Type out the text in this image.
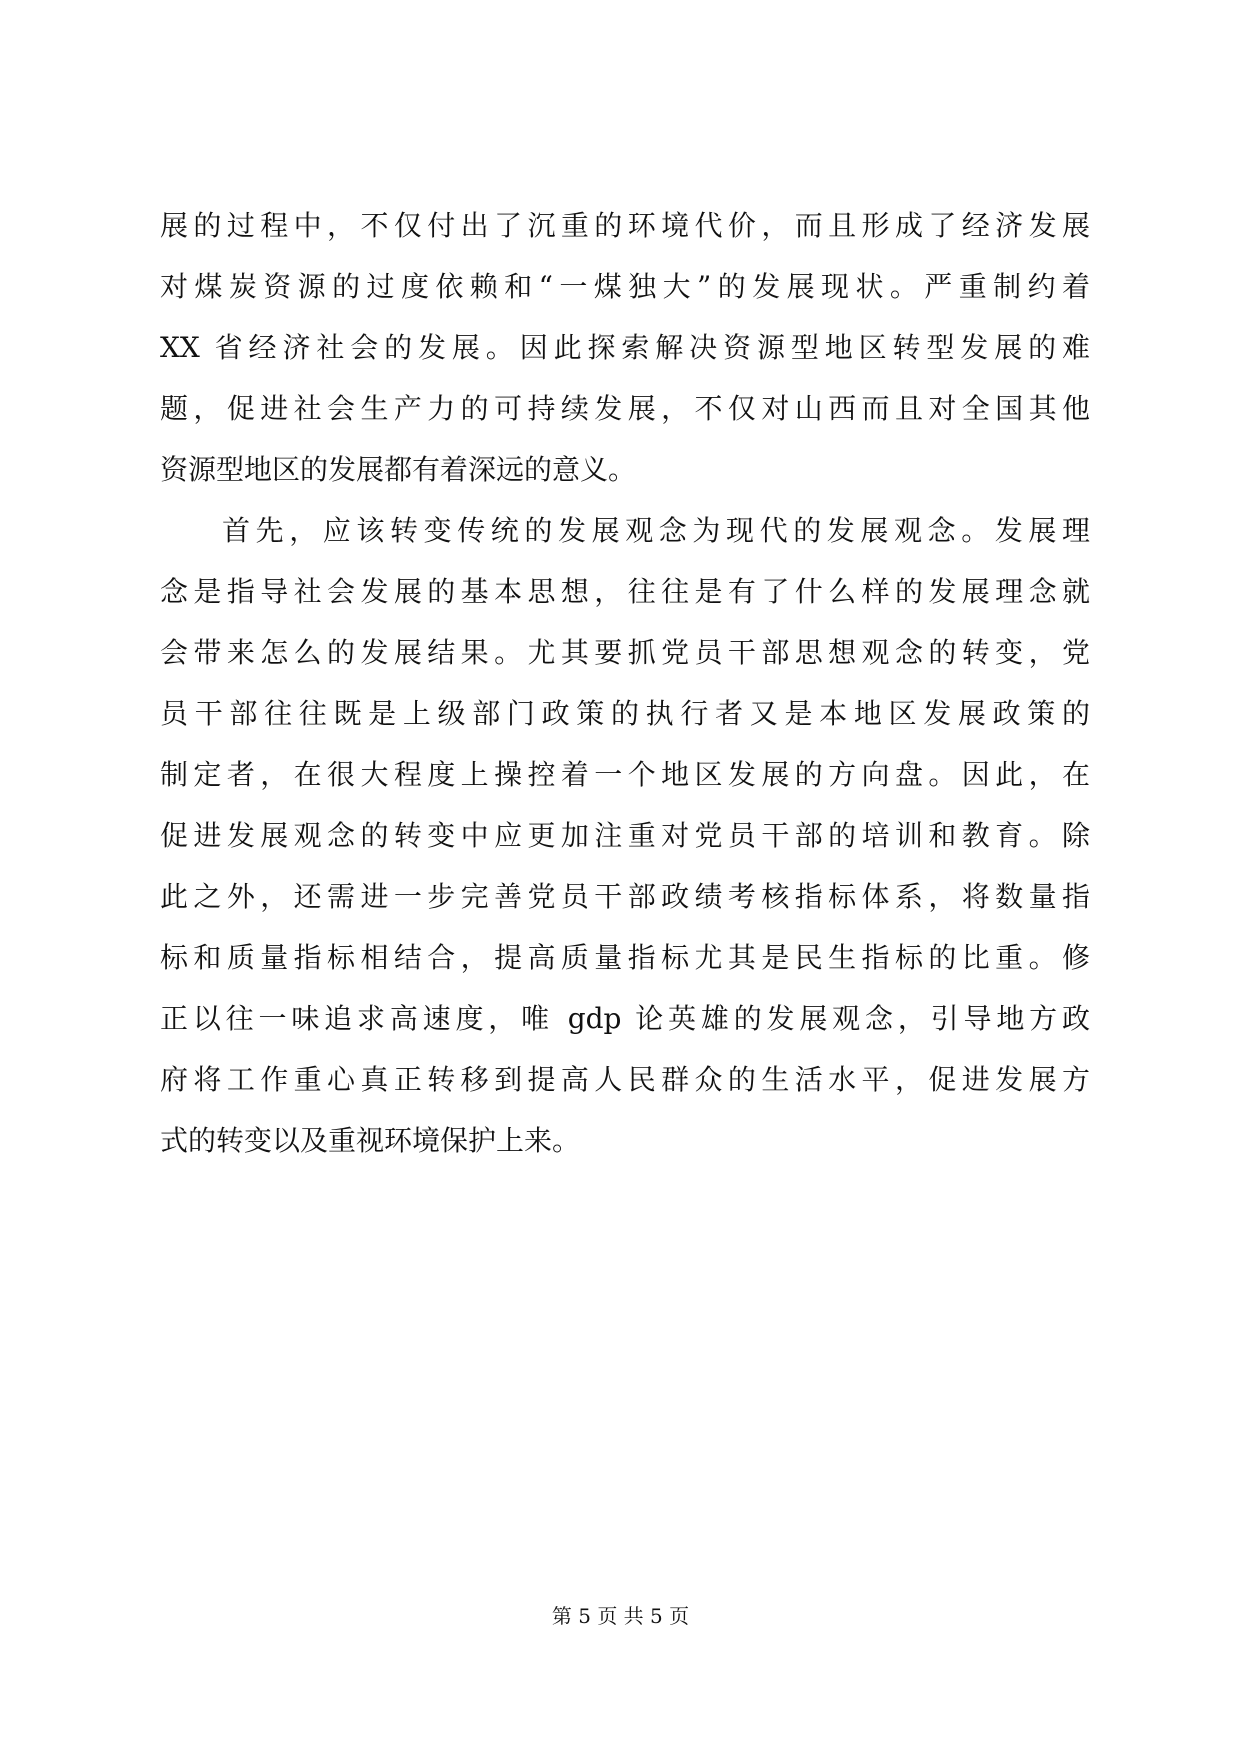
展的过程中，不仅付出了沉重的环境代价，而且形成了经济发展
对煤炭资源的过度依赖和“一煤独大”的发展现状。严重制约着
XX 省经济社会的发展。因此探索解决资源型地区转型发展的难
题，促进社会生产力的可持续发展，不仅对山西而且对全国其他
资源型地区的发展都有着深远的意义。
首先，应该转变传统的发展观念为现代的发展观念。发展理
念是指导社会发展的基本思想，往往是有了什么样的发展理念就
会带来怎么的发展结果。尤其要抓党员干部思想观念的转变，党
员干部往往既是上级部门政策的执行者又是本地区发展政策的
制定者，在很大程度上操控着一个地区发展的方向盘。因此，在
促进发展观念的转变中应更加注重对党员干部的培训和教育。除
此之外，还需进一步完善党员干部政绩考核指标体系，将数量指
标和质量指标相结合，提高质量指标尤其是民生指标的比重。修
正以往一味追求高速度，唯 gdp 论英雄的发展观念，引导地方政
府将工作重心真正转移到提高人民群众的生活水平，促进发展方
式的转变以及重视环境保护上来。
第 5 页 共 5 页
